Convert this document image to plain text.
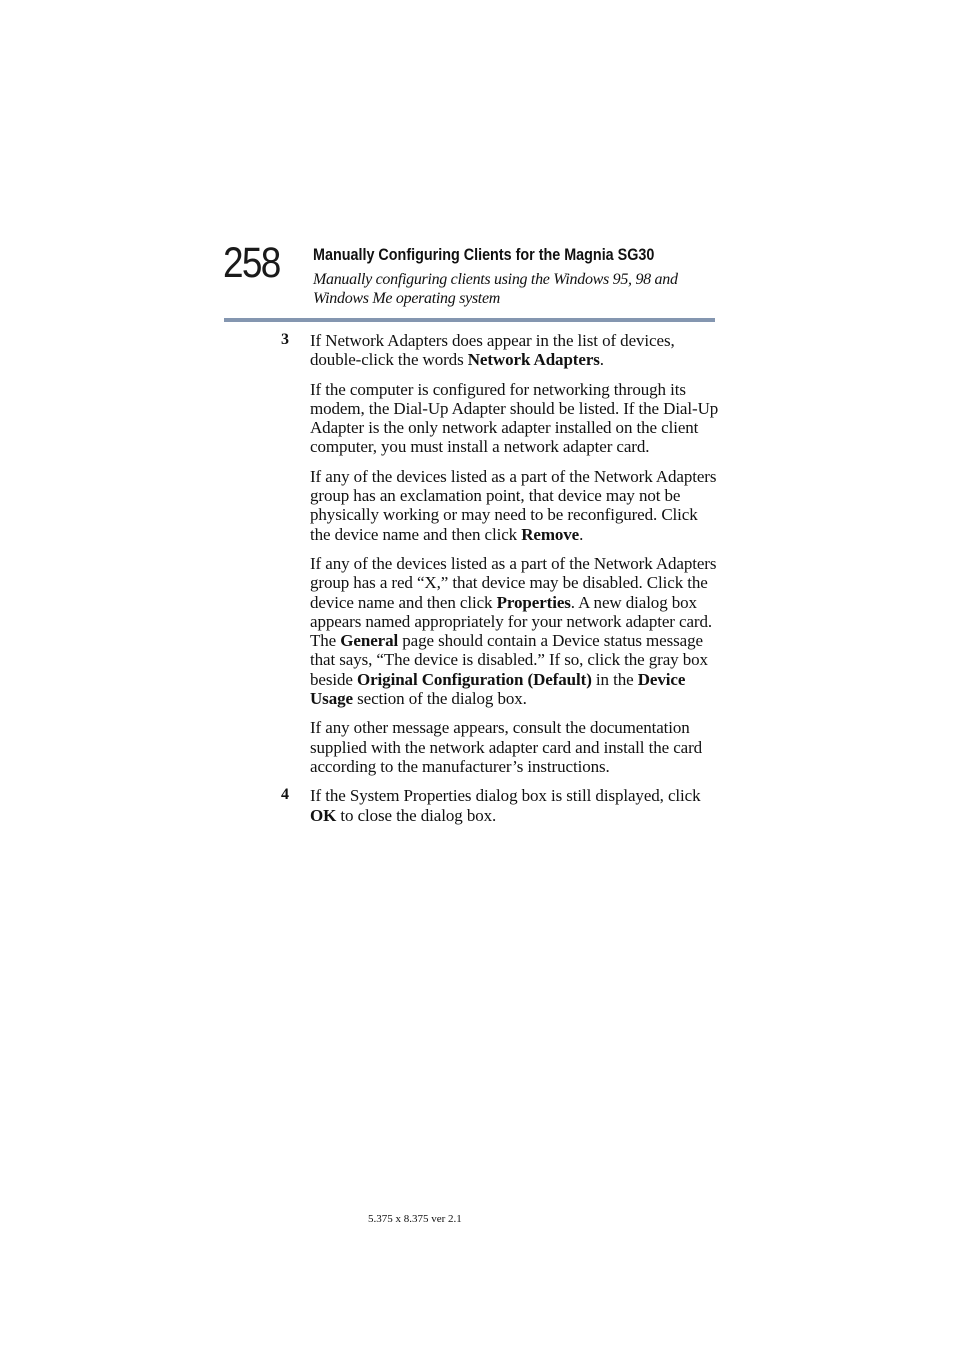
258 Manually Configuring Clients for the Magnia SG30
Manually configuring clients using the Windows 95, 98 and Windows Me operating system
3 If Network Adapters does appear in the list of devices, double-click the words Network Adapters.

If the computer is configured for networking through its modem, the Dial-Up Adapter should be listed. If the Dial-Up Adapter is the only network adapter installed on the client computer, you must install a network adapter card.

If any of the devices listed as a part of the Network Adapters group has an exclamation point, that device may not be physically working or may need to be reconfigured. Click the device name and then click Remove.

If any of the devices listed as a part of the Network Adapters group has a red “X,” that device may be disabled. Click the device name and then click Properties. A new dialog box appears named appropriately for your network adapter card. The General page should contain a Device status message that says, “The device is disabled.” If so, click the gray box beside Original Configuration (Default) in the Device Usage section of the dialog box.

If any other message appears, consult the documentation supplied with the network adapter card and install the card according to the manufacturer’s instructions.

4 If the System Properties dialog box is still displayed, click OK to close the dialog box.

5.375 x 8.375 ver 2.1
